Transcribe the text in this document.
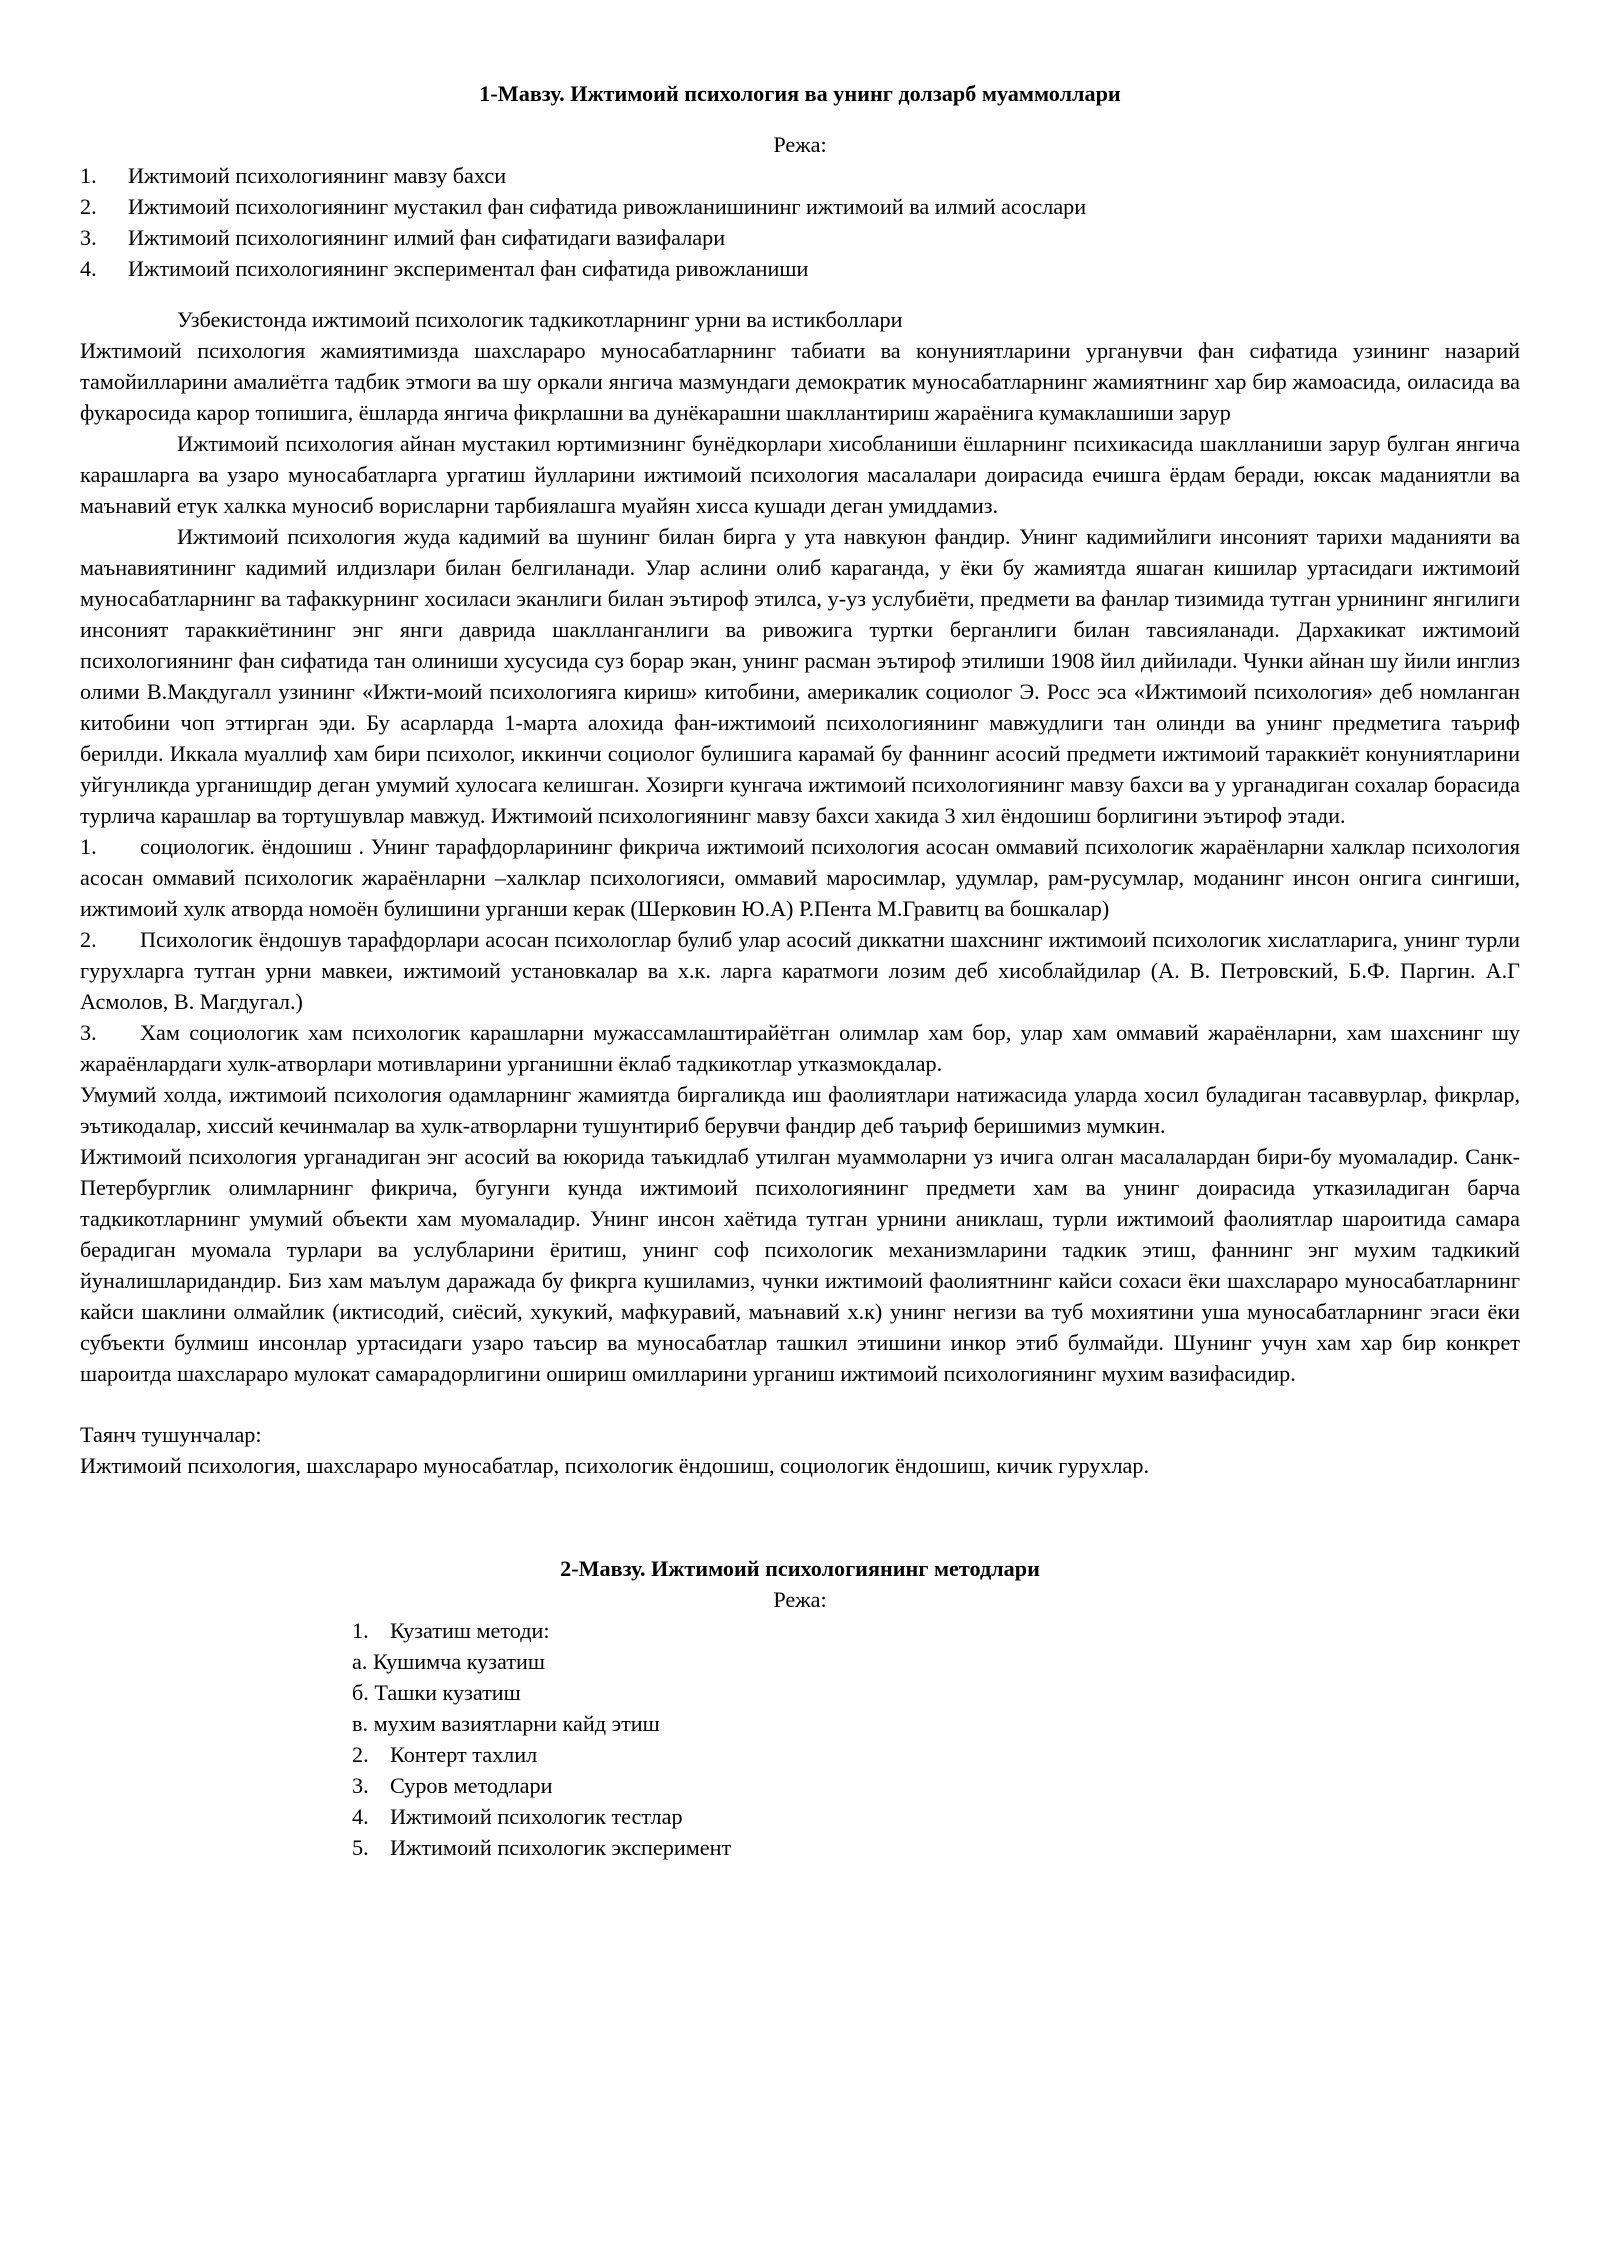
1-Мавзу. Ижтимоий психология ва унинг долзарб муаммоллари
Режа:
1.	Ижтимоий психологиянинг мавзу бахси
2.	Ижтимоий психологиянинг мустакил фан сифатида ривожланишининг ижтимоий ва илмий асослари
3.	Ижтимоий психологиянинг илмий фан сифатидаги вазифалари
4.	Ижтимоий психологиянинг экспериментал фан сифатида ривожланиши
Узбекистонда ижтимоий психологик тадкикотларнинг урни ва истикболлари

Ижтимоий психология жамиятимизда шахслараро муносабатларнинг табиати ва конуниятларини урганувчи фан сифатида узининг назарий тамойилларини амалиётга тадбик этмоги ва шу оркали янгича мазмундаги демократик муносабатларнинг жамиятнинг хар бир жамоасида, оиласида ва фукаросида карор топишига, ёшларда янгича фикрлашни ва дунёкарашни шакллантириш жараёнига кумаклашиши зарур

Ижтимоий психология айнан мустакил юртимизнинг бунёдкорлари хисобланиши ёшларнинг психикасида шаклланиши зарур булган янгича карашларга ва узаро муносабатларга ургатиш йулларини ижтимоий психология масалалари доирасида ечишга ёрдам беради, юксак маданиятли ва маънавий етук халкка муносиб ворисларни тарбиялашга муайян хисса кушади деган умиддамиз.

Ижтимоий психология жуда кадимий ва шунинг билан бирга у ута навкуюн фандир. Унинг кадимийлиги инсоният тарихи маданияти ва маънавиятининг кадимий илдизлари билан белгиланади. Улар аслини олиб караганда, у ёки бу жамиятда яшаган кишилар уртасидаги ижтимоий муносабатларнинг ва тафаккурнинг хосиласи эканлиги билан эътироф этилса, у-уз услубиёти, предмети ва фанлар тизимида тутган урнининг янгилиги инсоният тараккиётининг энг янги даврида шаклланганлиги ва ривожига туртки берганлиги билан тавсияланади. Дархакикат ижтимоий психологиянинг фан сифатида тан олиниши хусусида суз борар экан, унинг расман эътироф этилиши 1908 йил дийилади. Чунки айнан шу йили инглиз олими В.Макдугалл узининг «Ижти-моий психологияга кириш» китобини, америкалик социолог Э. Росс эса «Ижтимоий психология» деб номланган китобини чоп эттирган эди. Бу асарларда 1-марта алохида фан-ижтимоий психологиянинг мавжудлиги тан олинди ва унинг предметига таъриф берилди. Иккала муаллиф хам бири психолог, иккинчи социолог булишига карамай бу фаннинг асосий предмети ижтимоий тараккиёт конуниятларини уйгунликда урганишдир деган умумий хулосага келишган. Хозирги кунгача ижтимоий психологиянинг мавзу бахси ва у урганадиган сохалар борасида турлича карашлар ва тортушувлар мавжуд. Ижтимоий психологиянинг мавзу бахси хакида 3 хил ёндошиш борлигини эътироф этади.

1. социологик. ёндошиш . Унинг тарафдорларининг фикрича ижтимоий психология асосан оммавий психологик жараёнларни халклар психология асосан оммавий психологик жараёнларни –халклар психологияси, оммавий маросимлар, удумлар, рам-русумлар, моданинг инсон онгига сингиши, ижтимоий хулк атворда номоён булишини урганши керак (Шерковин Ю.А) Р.Пента М.Гравитц ва бошкалар)

2. Психологик ёндошув тарафдорлари асосан психологлар булиб улар асосий диккатни шахснинг ижтимоий психологик хислатларига, унинг турли гурухларга тутган урни мавкеи, ижтимоий установкалар ва х.к. ларга каратмоги лозим деб хисоблайдилар (А. В. Петровский, Б.Ф. Паргин. А.Г Асмолов, В. Магдугал.)

3. Хам социологик хам психологик карашларни мужассамлаштирайётган олимлар хам бор, улар хам оммавий жараёнларни, хам шахснинг шу жараёнлардаги хулк-атворлари мотивларини урганишни ёклаб тадкикотлар утказмокдалар.

Умумий холда, ижтимоий психология одамларнинг жамиятда биргаликда иш фаолиятлари натижасида уларда хосил буладиган тасаввурлар, фикрлар, эътикодалар, хиссий кечинмалар ва хулк-атворларни тушунтириб берувчи фандир деб таъриф беришимиз мумкин.

Ижтимоий психология урганадиган энг асосий ва юкорида таъкидлаб утилган муаммоларни уз ичига олган масалалардан бири-бу муомаладир. Санк-Петербурглик олимларнинг фикрича, бугунги кунда ижтимоий психологиянинг предмети хам ва унинг доирасида утказиладиган барча тадкикотларнинг умумий объекти хам муомаладир. Унинг инсон хаётида тутган урнини аниклаш, турли ижтимоий фаолиятлар шароитида самара берадиган муомала турлари ва услубларини ёритиш, унинг соф психологик механизмларини тадкик этиш, фаннинг энг мухим тадкикий йуналишларидандир. Биз хам маълум даражада бу фикрга кушиламиз, чунки ижтимоий фаолиятнинг кайси сохаси ёки шахслараро муносабатларнинг кайси шаклини олмайлик (иктисодий, сиёсий, хукукий, мафкуравий, маънавий х.к) унинг негизи ва туб мохиятини уша муносабатларнинг эгаси ёки субъекти булмиш инсонлар уртасидаги узаро таъсир ва муносабатлар ташкил этишини инкор этиб булмайди. Шунинг учун хам хар бир конкрет шароитда шахслараро мулокат самарадорлигини ошириш омилларини урганиш ижтимоий психологиянинг мухим вазифасидир.

Таянч тушунчалар:
Ижтимоий психология, шахслараро муносабатлар, психологик ёндошиш, социологик ёндошиш, кичик гурухлар.
2-Мавзу. Ижтимоий психологиянинг методлари
Режа:
1. Кузатиш методи:
а. Кушимча кузатиш
б. Ташки кузатиш
в. мухим вазиятларни кайд этиш
2. Контерт тахлил
3. Суров методлари
4. Ижтимоий психологик тестлар
5. Ижтимоий психологик эксперимент
